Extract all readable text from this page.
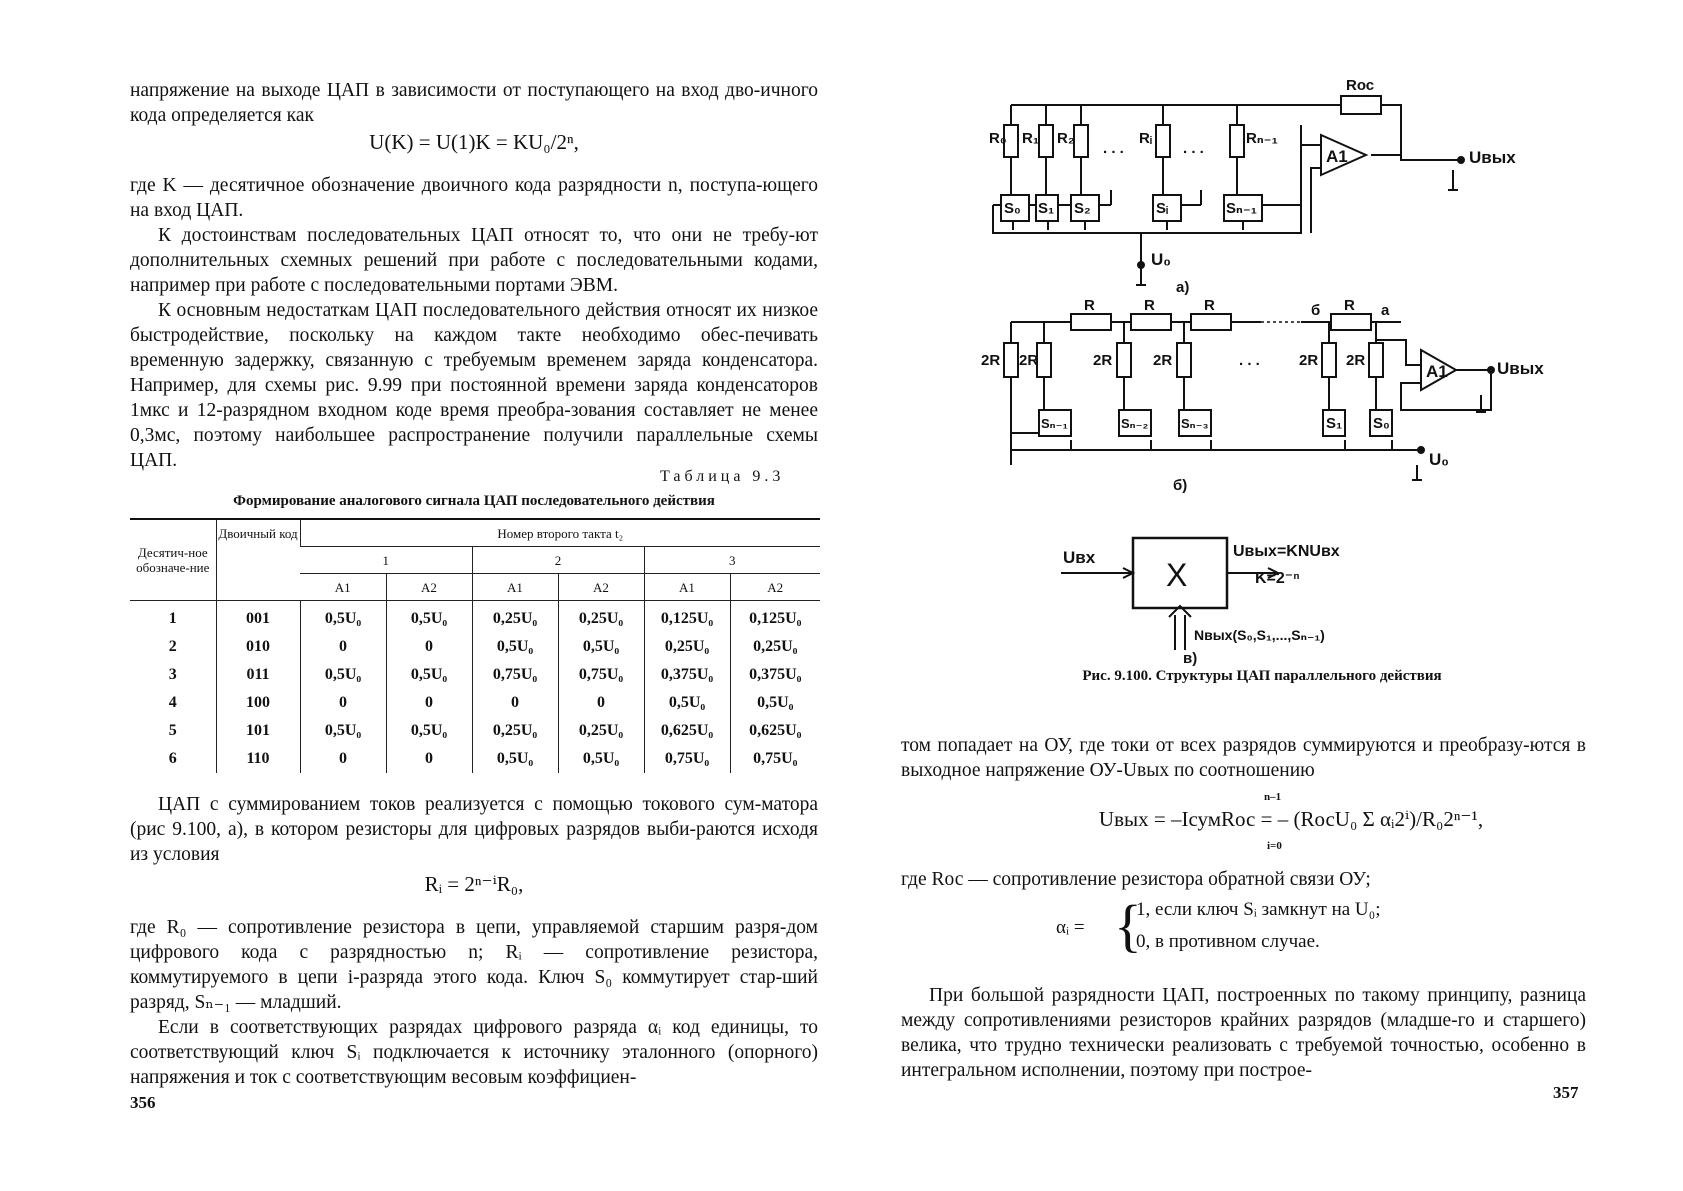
напряжение на выходе ЦАП в зависимости от поступающего на вход дво-ичного кода определяется как

U(K) = U(1)K = KU₀/2ⁿ,

где K — десятичное обозначение двоичного кода разрядности n, поступа-ющего на вход ЦАП.

К достоинствам последовательных ЦАП относят то, что они не требу-ют дополнительных схемных решений при работе с последовательными кодами, например при работе с последовательными портами ЭВМ.

К основным недостаткам ЦАП последовательного действия относят их низкое быстродействие, поскольку на каждом такте необходимо обес-печивать временную задержку, связанную с требуемым временем заряда конденсатора. Например, для схемы рис. 9.99 при постоянной времени заряда конденсаторов 1мкс и 12-разрядном входном коде время преобра-зования составляет не менее 0,3мс, поэтому наибольшее распространение получили параллельные схемы ЦАП.

Таблица 9.3
Формирование аналогового сигнала ЦАП последовательного действия
Десятич-ное обозначе-ние	Двоичный код	Номер второго такта t₂					
		1		2		3	
		A1	A2	A1	A2	A1	A2
1	001	0,5U₀	0,5U₀	0,25U₀	0,25U₀	0,125U₀	0,125U₀
2	010	0	0	0,5U₀	0,5U₀	0,25U₀	0,25U₀
3	011	0,5U₀	0,5U₀	0,75U₀	0,75U₀	0,375U₀	0,375U₀
4	100	0	0	0	0	0,5U₀	0,5U₀
5	101	0,5U₀	0,5U₀	0,25U₀	0,25U₀	0,625U₀	0,625U₀
6	110	0	0	0,5U₀	0,5U₀	0,75U₀	0,75U₀

ЦАП с суммированием токов реализуется с помощью токового сум-матора (рис 9.100, а), в котором резисторы для цифровых разрядов выби-раются исходя из условия

Rᵢ = 2ⁿ⁻ⁱR₀,

где R₀ — сопротивление резистора в цепи, управляемой старшим разря-дом цифрового кода с разрядностью n; Rᵢ — сопротивление резистора, коммутируемого в цепи i-разряда этого кода. Ключ S₀ коммутирует стар-ший разряд, Sₙ₋₁ — младший.

Если в соответствующих разрядах цифрового разряда αᵢ код единицы, то соответствующий ключ Sᵢ подключается к источнику эталонного (опорного) напряжения и ток с соответствующим весовым коэффициен-

356
Rос
R₀ R₁ R₂
. . .
Rᵢ
. . .
Rₙ₋₁
A1	Uвых
S₀ S₁ S₂	Sᵢ	Sₙ₋₁
U₀
а)
R	R	R	б R a
2R 2R	2R	2R	. . .	2R 2R
A1	Uвых
Sₙ₋₁	Sₙ₋₂	Sₙ₋₃	S₁ S₀
U₀
б)
Uвх X
Uвых=KNUвх
K=2⁻ⁿ
Nвых(S₀,S₁,...,Sₙ₋₁)
в)
Рис. 9.100. Структуры ЦАП параллельного действия

том попадает на ОУ, где токи от всех разрядов суммируются и преобразу-ются в выходное напряжение ОУ-Uвых по соотношению

Uвых = –IсумRос = – (RосU₀ Σ αᵢ2ⁱ)/R₀2ⁿ⁻¹,
n–1
i=0

где Rос — сопротивление резистора обратной связи ОУ;

αᵢ = {
1, если ключ Sᵢ замкнут на U₀;
0, в противном случае.

При большой разрядности ЦАП, построенных по такому принципу, разница между сопротивлениями резисторов крайних разрядов (младше-го и старшего) велика, что трудно технически реализовать с требуемой точностью, особенно в интегральном исполнении, поэтому при построе-

357
